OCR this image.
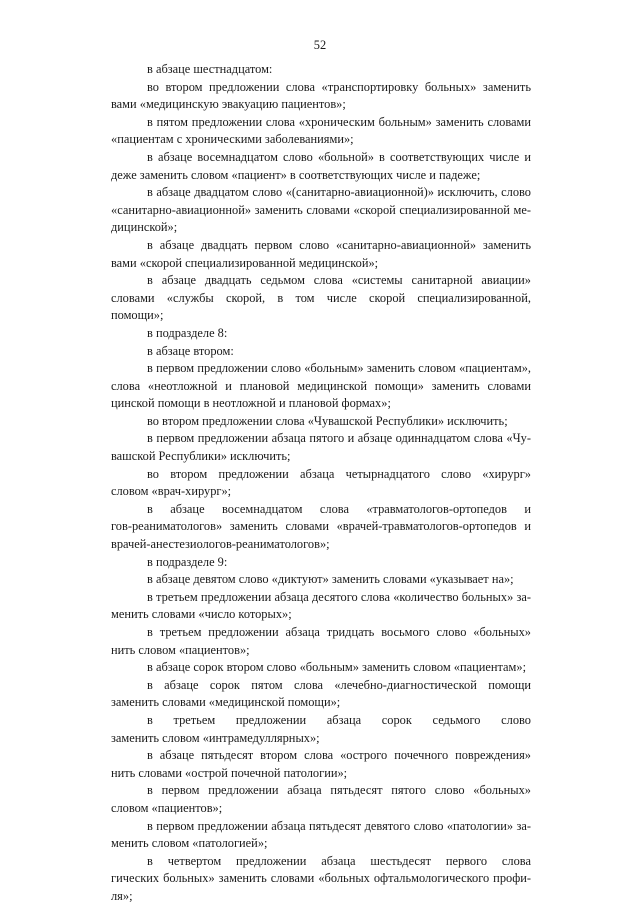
52
в абзаце шестнадцатом:
во втором предложении слова «транспортировку больных» заменить
вами «медицинскую эвакуацию пациентов»;
в пятом предложении слова «хроническим больным» заменить словами
«пациентам с хроническими заболеваниями»;
в абзаце восемнадцатом слово «больной» в соответствующих числе и
деже заменить словом «пациент» в соответствующих числе и падеже;
в абзаце двадцатом слово «(санитарно-авиационной)» исключить, слово
«санитарно-авиационной» заменить словами «скорой специализированной ме-
дицинской»;
в абзаце двадцать первом слово «санитарно-авиационной» заменить
вами «скорой специализированной медицинской»;
в абзаце двадцать седьмом слова «системы санитарной авиации»
словами «службы скорой, в том числе скорой специализированной,
помощи»;
в подразделе 8:
в абзаце втором:
в первом предложении слово «больным» заменить словом «пациентам»,
слова «неотложной и плановой медицинской помощи» заменить словами
цинской помощи в неотложной и плановой формах»;
во втором предложении слова «Чувашской Республики» исключить;
в первом предложении абзаца пятого и абзаце одиннадцатом слова «Чу-
вашской Республики» исключить;
во втором предложении абзаца четырнадцатого слово «хирург»
словом «врач-хирург»;
в абзаце восемнадцатом слова «травматологов-ортопедов и
гов-реаниматологов» заменить словами «врачей-травматологов-ортопедов и
врачей-анестезиологов-реаниматологов»;
в подразделе 9:
в абзаце девятом слово «диктуют» заменить словами «указывает на»;
в третьем предложении абзаца десятого слова «количество больных» за-
менить словами «число которых»;
в третьем предложении абзаца тридцать восьмого слово «больных»
нить словом «пациентов»;
в абзаце сорок втором слово «больным» заменить словом «пациентам»;
в абзаце сорок пятом слова «лечебно-диагностической помощи
заменить словами «медицинской помощи»;
в третьем предложении абзаца сорок седьмого слово
заменить словом «интрамедуллярных»;
в абзаце пятьдесят втором слова «острого почечного повреждения»
нить словами «острой почечной патологии»;
в первом предложении абзаца пятьдесят пятого слово «больных»
словом «пациентов»;
в первом предложении абзаца пятьдесят девятого слово «патологии» за-
менить словом «патологией»;
в четвертом предложении абзаца шестьдесят первого слова
гических больных» заменить словами «больных офтальмологического профи-
ля»;
